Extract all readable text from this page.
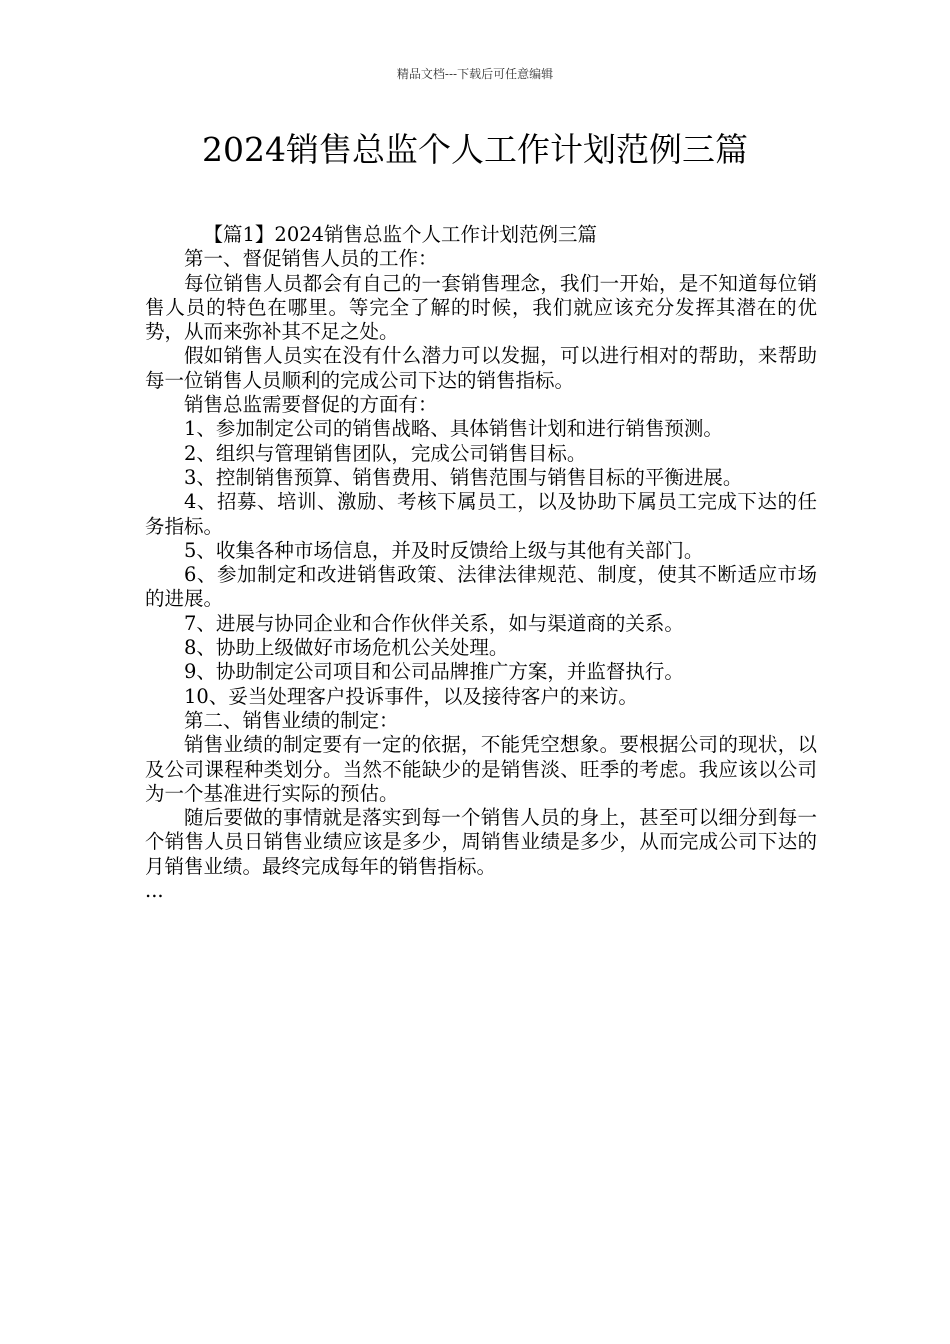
精品文档---下载后可任意编辑
2024销售总监个人工作计划范例三篇

【篇1】2024销售总监个人工作计划范例三篇

第一、督促销售人员的工作：

每位销售人员都会有自己的一套销售理念，我们一开始，是不知道每位销售人员的特色在哪里。等完全了解的时候，我们就应该充分发挥其潜在的优势，从而来弥补其不足之处。

假如销售人员实在没有什么潜力可以发掘，可以进行相对的帮助，来帮助每一位销售人员顺利的完成公司下达的销售指标。

销售总监需要督促的方面有：

1、参加制定公司的销售战略、具体销售计划和进行销售预测。

2、组织与管理销售团队，完成公司销售目标。

3、控制销售预算、销售费用、销售范围与销售目标的平衡进展。

4、招募、培训、激励、考核下属员工，以及协助下属员工完成下达的任务指标。

5、收集各种市场信息，并及时反馈给上级与其他有关部门。

6、参加制定和改进销售政策、法律法律规范、制度，使其不断适应市场的进展。

7、进展与协同企业和合作伙伴关系，如与渠道商的关系。

8、协助上级做好市场危机公关处理。

9、协助制定公司项目和公司品牌推广方案，并监督执行。

10、妥当处理客户投诉事件，以及接待客户的来访。

第二、销售业绩的制定：

销售业绩的制定要有一定的依据，不能凭空想象。要根据公司的现状，以及公司课程种类划分。当然不能缺少的是销售淡、旺季的考虑。我应该以公司为一个基准进行实际的预估。

随后要做的事情就是落实到每一个销售人员的身上，甚至可以细分到每一个销售人员日销售业绩应该是多少，周销售业绩是多少，从而完成公司下达的月销售业绩。最终完成每年的销售指标。

...
